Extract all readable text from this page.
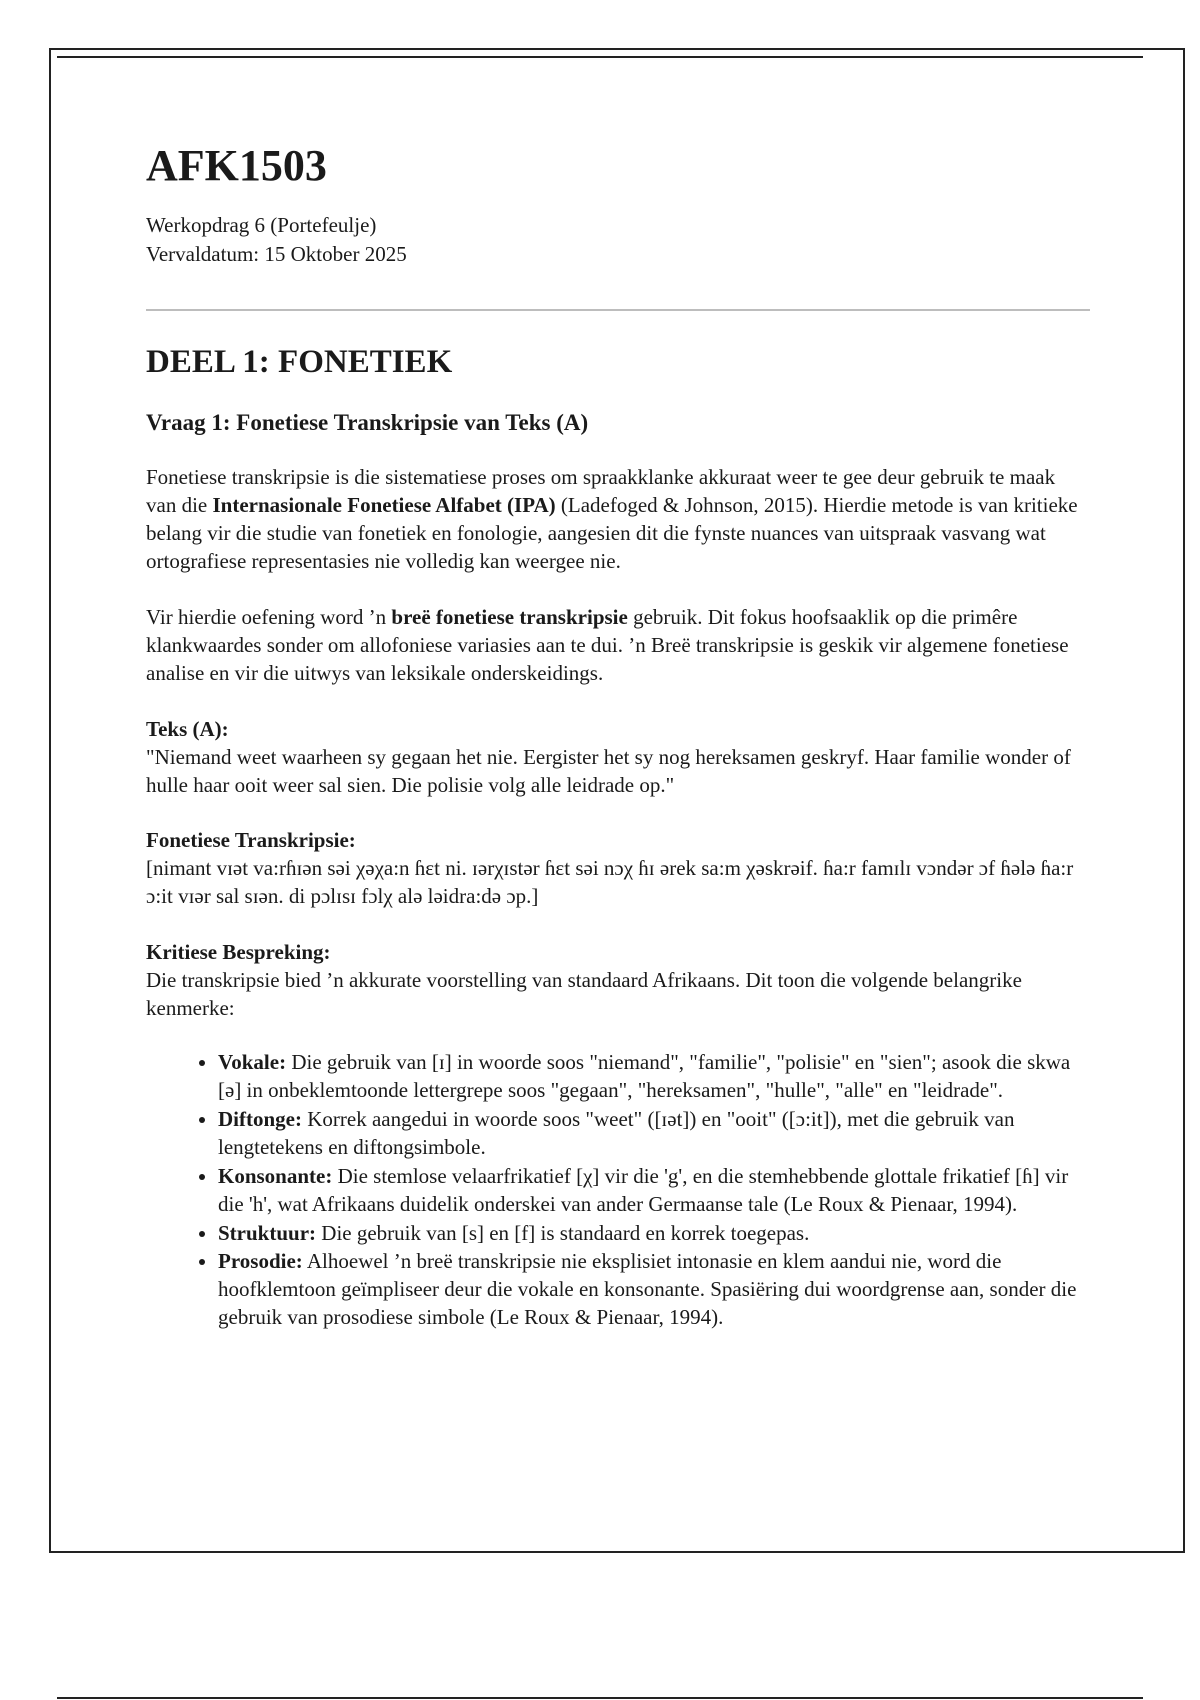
AFK1503
Werkopdrag 6 (Portefeulje)
Vervaldatum: 15 Oktober 2025
DEEL 1: FONETIEK
Vraag 1: Fonetiese Transkripsie van Teks (A)

Fonetiese transkripsie is die sistematiese proses om spraakklanke akkuraat weer te gee deur gebruik te maak van die Internasionale Fonetiese Alfabet (IPA) (Ladefoged & Johnson, 2015). Hierdie metode is van kritieke belang vir die studie van fonetiek en fonologie, aangesien dit die fynste nuances van uitspraak vasvang wat ortografiese representasies nie volledig kan weergee nie.

Vir hierdie oefening word ’n breë fonetiese transkripsie gebruik. Dit fokus hoofsaaklik op die primêre klankwaardes sonder om allofoniese variasies aan te dui. ’n Breë transkripsie is geskik vir algemene fonetiese analise en vir die uitwys van leksikale onderskeidings.

Teks (A):

"Niemand weet waarheen sy gegaan het nie. Eergister het sy nog hereksamen geskryf. Haar familie wonder of hulle haar ooit weer sal sien. Die polisie volg alle leidrade op."

Fonetiese Transkripsie:

[nimant vɪət va:rɦɪən səi χəχa:n ɦɛt ni. ɪərχɪstər ɦɛt səi nɔχ ɦɪ ərek sa:m χəskrəif. ɦa:r famɪlɪ vɔndər ɔf ɦələ ɦa:r ɔ:it vɪər sal sɪən. di pɔlɪsɪ fɔlχ alə ləidra:də ɔp.]

Kritiese Bespreking:

Die transkripsie bied ’n akkurate voorstelling van standaard Afrikaans. Dit toon die volgende belangrike kenmerke:

• Vokale: Die gebruik van [ɪ] in woorde soos "niemand", "familie", "polisie" en "sien"; asook die skwa [ə] in onbeklemtoonde lettergrepe soos "gegaan", "hereksamen", "hulle", "alle" en "leidrade".
• Diftonge: Korrek aangedui in woorde soos "weet" ([ɪət]) en "ooit" ([ɔ:it]), met die gebruik van lengtetekens en diftongsimbole.
• Konsonante: Die stemlose velaarfrikatief [χ] vir die 'g', en die stemhebbende glottale frikatief [ɦ] vir die 'h', wat Afrikaans duidelik onderskei van ander Germaanse tale (Le Roux & Pienaar, 1994).
• Struktuur: Die gebruik van [s] en [f] is standaard en korrek toegepas.
• Prosodie: Alhoewel ’n breë transkripsie nie eksplisiet intonasie en klem aandui nie, word die hoofklemtoon geïmpliseer deur die vokale en konsonante. Spasiëring dui woordgrense aan, sonder die gebruik van prosodiese simbole (Le Roux & Pienaar, 1994).
